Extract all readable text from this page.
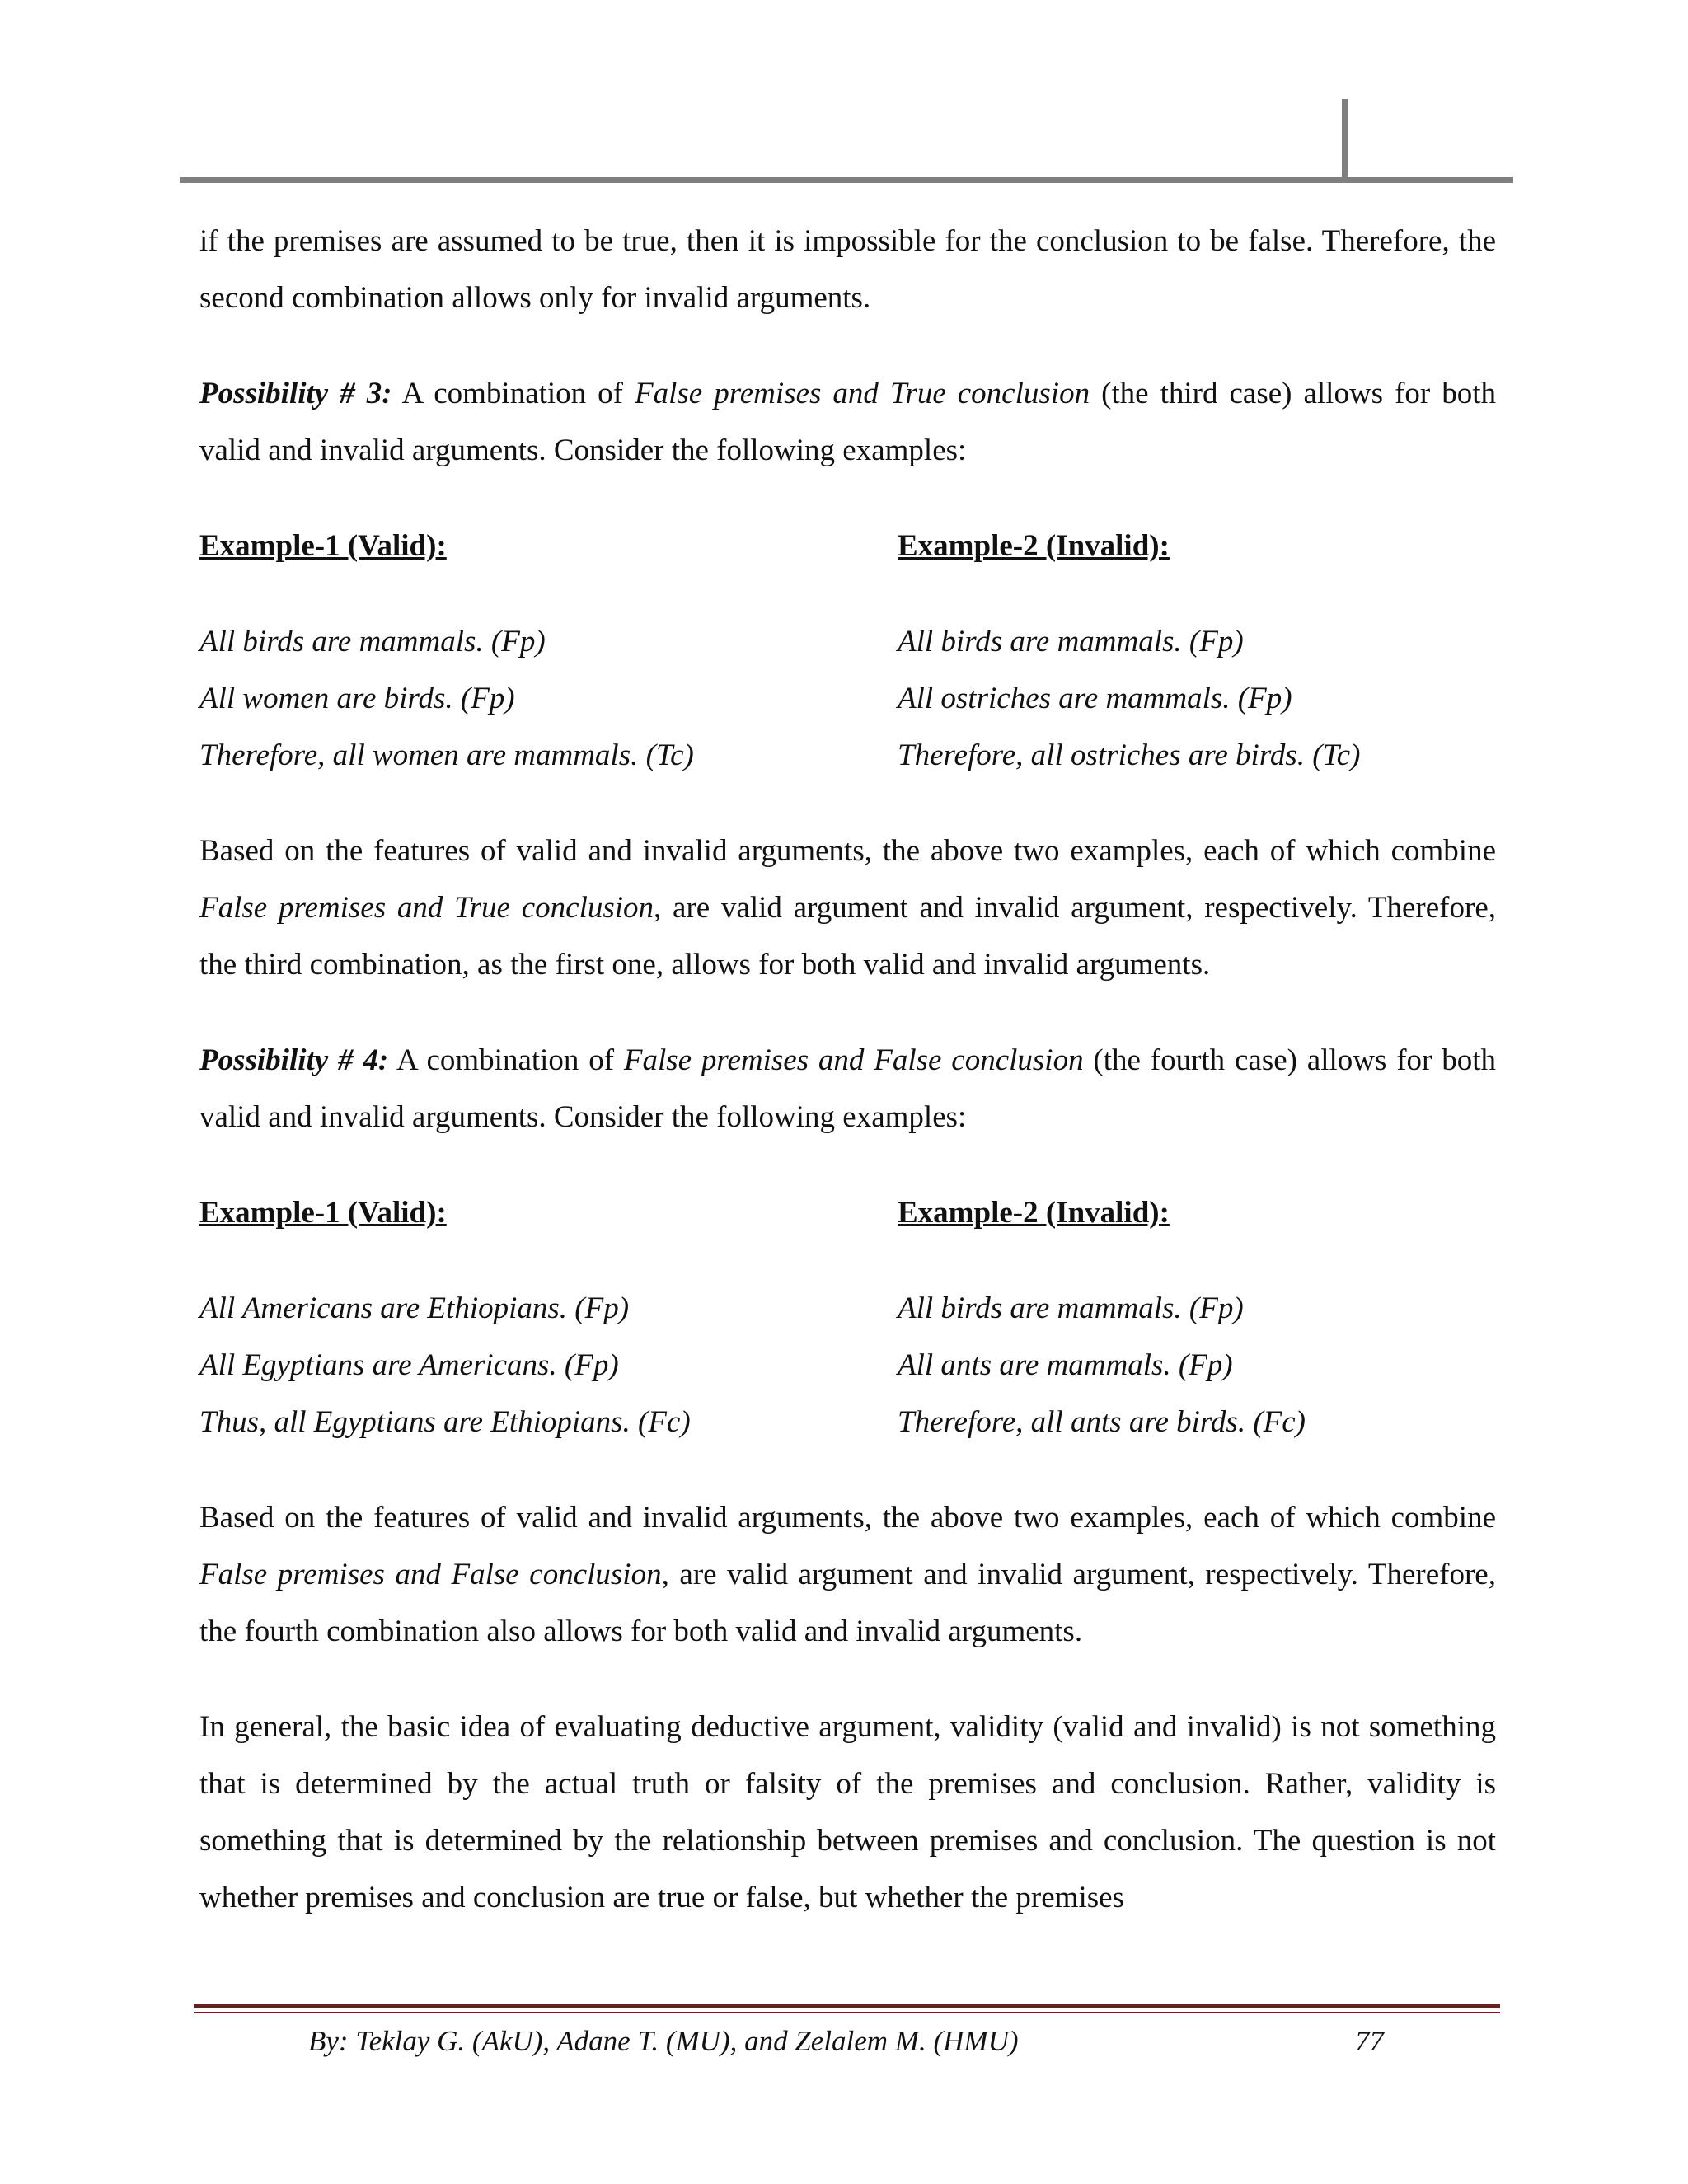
if the premises are assumed to be true, then it is impossible for the conclusion to be false. Therefore, the second combination allows only for invalid arguments.

Possibility # 3: A combination of False premises and True conclusion (the third case) allows for both valid and invalid arguments. Consider the following examples:

Example-1 (Valid):
All birds are mammals. (Fp)
All women are birds. (Fp)
Therefore, all women are mammals. (Tc)
Example-2 (Invalid):
All birds are mammals. (Fp)
All ostriches are mammals. (Fp)
Therefore, all ostriches are birds. (Tc)

Based on the features of valid and invalid arguments, the above two examples, each of which combine False premises and True conclusion, are valid argument and invalid argument, respectively. Therefore, the third combination, as the first one, allows for both valid and invalid arguments.

Possibility # 4: A combination of False premises and False conclusion (the fourth case) allows for both valid and invalid arguments. Consider the following examples:

Example-1 (Valid):
All Americans are Ethiopians. (Fp)
All Egyptians are Americans. (Fp)
Thus, all Egyptians are Ethiopians. (Fc)
Example-2 (Invalid):
All birds are mammals. (Fp)
All ants are mammals. (Fp)
Therefore, all ants are birds. (Fc)

Based on the features of valid and invalid arguments, the above two examples, each of which combine False premises and False conclusion, are valid argument and invalid argument, respectively. Therefore, the fourth combination also allows for both valid and invalid arguments.

In general, the basic idea of evaluating deductive argument, validity (valid and invalid) is not something that is determined by the actual truth or falsity of the premises and conclusion. Rather, validity is something that is determined by the relationship between premises and conclusion. The question is not whether premises and conclusion are true or false, but whether the premises

By: Teklay G. (AkU), Adane T. (MU), and Zelalem M. (HMU)	77
